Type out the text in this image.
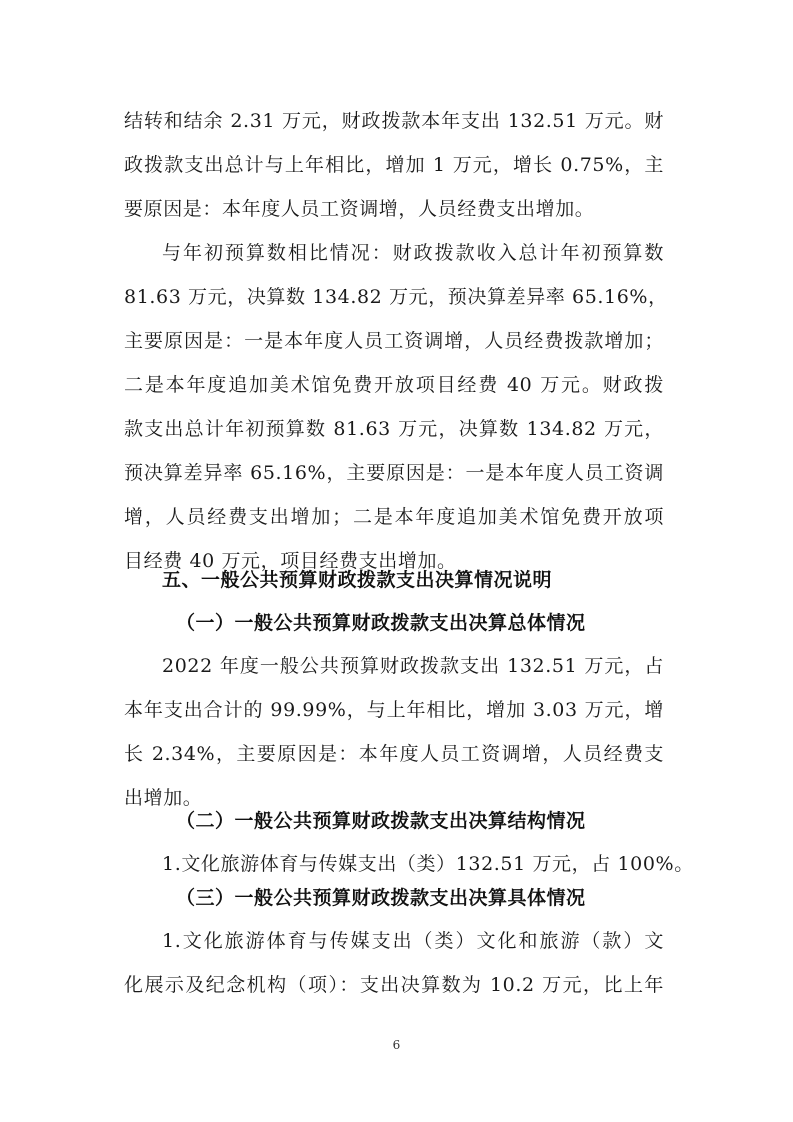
结转和结余 2.31 万元，财政拨款本年支出 132.51 万元。财
政拨款支出总计与上年相比，增加 1 万元，增长 0.75%，主
要原因是：本年度人员工资调增，人员经费支出增加。
与年初预算数相比情况：财政拨款收入总计年初预算数
81.63 万元，决算数 134.82 万元，预决算差异率 65.16%，
主要原因是：一是本年度人员工资调增，人员经费拨款增加；
二是本年度追加美术馆免费开放项目经费 40 万元。财政拨
款支出总计年初预算数 81.63 万元，决算数 134.82 万元，
预决算差异率 65.16%，主要原因是：一是本年度人员工资调
增，人员经费支出增加；二是本年度追加美术馆免费开放项
目经费 40 万元，项目经费支出增加。
五、一般公共预算财政拨款支出决算情况说明
（一）一般公共预算财政拨款支出决算总体情况
2022 年度一般公共预算财政拨款支出 132.51 万元，占
本年支出合计的 99.99%，与上年相比，增加 3.03 万元，增
长 2.34%，主要原因是：本年度人员工资调增，人员经费支
出增加。
（二）一般公共预算财政拨款支出决算结构情况
1.文化旅游体育与传媒支出（类）132.51 万元，占 100%。
（三）一般公共预算财政拨款支出决算具体情况
1.文化旅游体育与传媒支出（类）文化和旅游（款）文
化展示及纪念机构（项）：支出决算数为 10.2 万元，比上年
6
